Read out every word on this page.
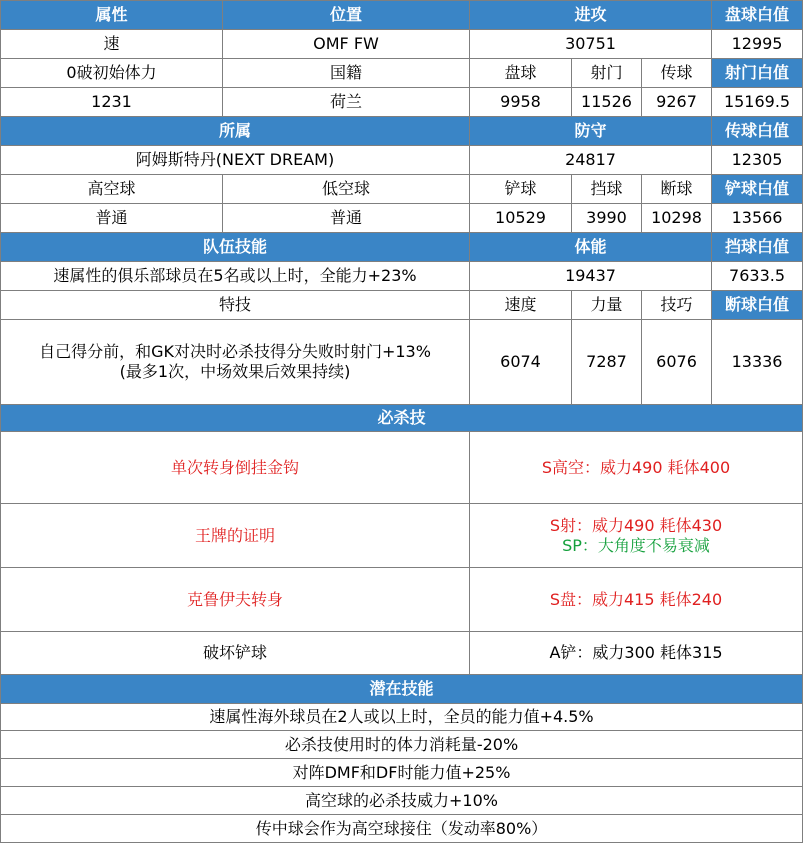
属性	位置	进攻			盘球白值
速	OMF FW	30751			12995
0破初始体力	国籍	盘球	射门	传球	射门白值
1231	荷兰	9958	11526	9267	15169.5
所属		防守			传球白值
阿姆斯特丹(NEXT DREAM)		24817			12305
高空球	低空球	铲球	挡球	断球	铲球白值
普通	普通	10529	3990	10298	13566
队伍技能		体能			挡球白值
速属性的俱乐部球员在5名或以上时，全能力+23%		19437			7633.5
特技		速度	力量	技巧	断球白值

自己得分前，和GK对决时必杀技得分失败时射门+13%
(最多1次，中场效果后效果持续)		6074	7287	6076	13336
必杀技					
单次转身倒挂金钩		S高空：威力490 耗体400			
王牌的证明		S射：威力490 耗体430
SP：大角度不易衰减			

克鲁伊夫转身		S盘：威力415 耗体240			
破坏铲球		A铲：威力300 耗体315			
潜在技能					
速属性海外球员在2人或以上时，全员的能力值+4.5%					
必杀技使用时的体力消耗量-20%					
对阵DMF和DF时能力值+25%					
高空球的必杀技威力+10%					
传中球会作为高空球接住（发动率80%）					
